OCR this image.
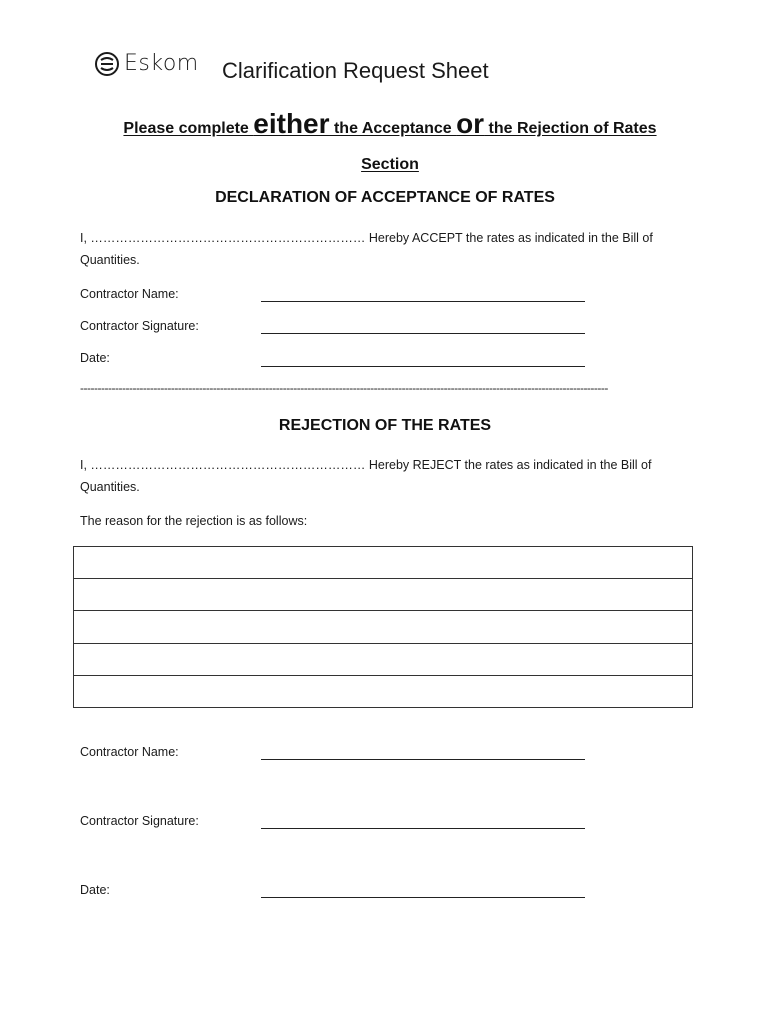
Eskom Clarification Request Sheet
Please complete either the Acceptance or the Rejection of Rates
Section
DECLARATION OF ACCEPTANCE OF RATES
I, ………………………………………………………… Hereby ACCEPT the rates as indicated in the Bill of
Quantities.
Contractor Name:
Contractor Signature:
Date:
-------------------------------------------------------------------------------------------------------------------------------------------------------
REJECTION OF THE RATES
I, ………………………………………………………… Hereby REJECT the rates as indicated in the Bill of
Quantities.
The reason for the rejection is as follows:
Contractor Name:
Contractor Signature:
Date:
